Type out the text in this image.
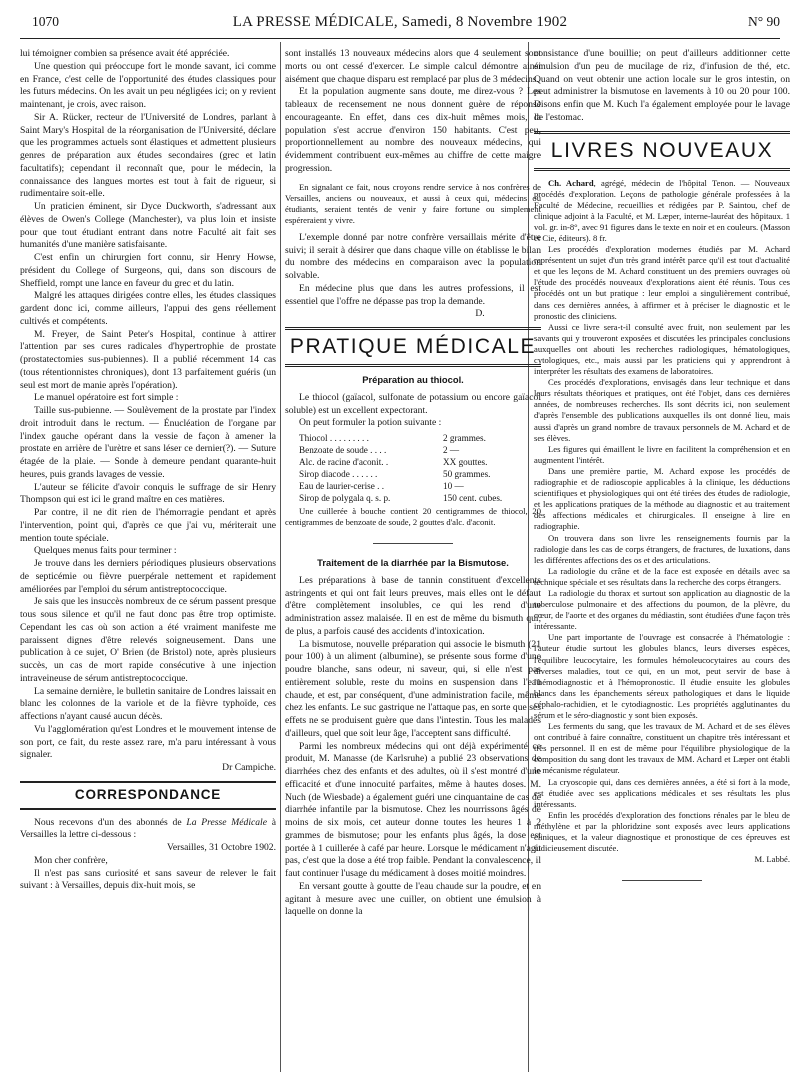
1070	LA PRESSE MÉDICALE, Samedi, 8 Novembre 1902	N° 90

lui témoigner combien sa présence avait été appréciée.

Une question qui préoccupe fort le monde savant, ici comme en France, c'est celle de l'opportunité des études classiques pour les futurs médecins. On les avait un peu négligées ici; on y revient maintenant, je crois, avec raison.

Sir A. Rücker, recteur de l'Université de Londres, parlant à Saint Mary's Hospital de la réorganisation de l'Université, déclare que les programmes actuels sont élastiques et admettent plusieurs genres de préparation aux études secondaires (grec et latin facultatifs); cependant il reconnaît que, pour le médecin, la connaissance des langues mortes est tout à fait de rigueur, si rudimentaire soit-elle.

Un praticien éminent, sir Dyce Duckworth, s'adressant aux élèves de Owen's College (Manchester), va plus loin et insiste pour que tout étudiant entrant dans notre Faculté ait fait ses humanités d'une manière satisfaisante.

C'est enfin un chirurgien fort connu, sir Henry Howse, président du College of Surgeons, qui, dans son discours de Sheffield, rompt une lance en faveur du grec et du latin.

Malgré les attaques dirigées contre elles, les études classiques gardent donc ici, comme ailleurs, l'appui des gens réellement cultivés et compétents.

M. Freyer, de Saint Peter's Hospital, continue à attirer l'attention par ses cures radicales d'hypertrophie de prostate (prostatectomies sus-pubiennes). Il a publié récemment 14 cas (tous rétentionnistes chroniques), dont 13 parfaitement guéris (un seul est mort de manie après l'opération).

Le manuel opératoire est fort simple :

Taille sus-pubienne. — Soulèvement de la prostate par l'index droit introduit dans le rectum. — Énucléation de l'organe par l'index gauche opérant dans la vessie de façon à amener la prostate en arrière de l'urètre et sans léser ce dernier(?). — Suture étagée de la plaie. — Sonde à demeure pendant quarante-huit heures, puis grands lavages de vessie.

L'auteur se félicite d'avoir conquis le suffrage de sir Henry Thompson qui est ici le grand maître en ces matières.

Par contre, il ne dit rien de l'hémorragie pendant et après l'intervention, point qui, d'après ce que j'ai vu, mériterait une mention toute spéciale.

Quelques menus faits pour terminer :

Je trouve dans les derniers périodiques plusieurs observations de septicémie ou fièvre puerpérale nettement et rapidement améliorées par l'emploi du sérum antistreptococcique.

Je sais que les insuccès nombreux de ce sérum passent presque tous sous silence et qu'il ne faut donc pas être trop optimiste. Cependant les cas où son action a été vraiment manifeste me paraissent dignes d'être relevés soigneusement. Dans une publication à ce sujet, O' Brien (de Bristol) note, après plusieurs succès, un cas de mort rapide consécutive à une injection intraveineuse de sérum antistreptococcique.

La semaine dernière, le bulletin sanitaire de Londres laissait en blanc les colonnes de la variole et de la fièvre typhoïde, ces affections n'ayant causé aucun décès.

Vu l'agglomération qu'est Londres et le mouvement intense de son port, ce fait, du reste assez rare, m'a paru intéressant à vous signaler.

Dr Campiche.

CORRESPONDANCE

Nous recevons d'un des abonnés de La Presse Médicale à Versailles la lettre ci-dessous :

Versailles, 31 Octobre 1902.

Mon cher confrère,

Il n'est pas sans curiosité et sans saveur de relever le fait suivant : à Versailles, depuis dix-huit mois, se

sont installés 13 nouveaux médecins alors que 4 seulement sont morts ou ont cessé d'exercer. Le simple calcul démontre ainsi aisément que chaque disparu est remplacé par plus de 3 médecins.

Et la population augmente sans doute, me direz-vous ? Les tableaux de recensement ne nous donnent guère de réponse encourageante. En effet, dans ces dix-huit mêmes mois, la population s'est accrue d'environ 150 habitants. C'est peu, proportionnellement au nombre des nouveaux médecins, qui évidemment contribuent eux-mêmes au chiffre de cette maigre progression.

En signalant ce fait, nous croyons rendre service à nos confrères de Versailles, anciens ou nouveaux, et aussi à ceux qui, médecins ou étudiants, seraient tentés de venir y faire fortune ou simplement espéreraient y vivre.

L'exemple donné par notre confrère versaillais mérite d'être suivi; il serait à désirer que dans chaque ville on établisse le bilan du nombre des médecins en comparaison avec la population solvable.

En médecine plus que dans les autres professions, il est essentiel que l'offre ne dépasse pas trop la demande.

D.

PRATIQUE MÉDICALE
Préparation au thiocol.

Le thiocol (gaïacol, sulfonate de potassium ou encore gaïacol soluble) est un excellent expectorant.

On peut formuler la potion suivante :

Thiocol . . . . . . . . .	2 grammes.
Benzoate de soude . . . .	2 —
Alc. de racine d'aconit. .	XX gouttes.
Sirop diacode . . . . . .	50 grammes.
Eau de laurier-cerise . .	10 —
Sirop de polygala q. s. p.	150 cent. cubes.

Une cuillerée à bouche contient 20 centigrammes de thiocol, 20 centigrammes de benzoate de soude, 2 gouttes d'alc. d'aconit.

Traitement de la diarrhée par la Bismutose.

Les préparations à base de tannin constituent d'excellents astringents et qui ont fait leurs preuves, mais elles ont le défaut d'être complètement insolubles, ce qui les rend d'une administration assez malaisée. Il en est de même du bismuth qui, de plus, a parfois causé des accidents d'intoxication.

La bismutose, nouvelle préparation qui associe le bismuth (21 pour 100) à un aliment (albumine), se présente sous forme d'une poudre blanche, sans odeur, ni saveur, qui, si elle n'est pas entièrement soluble, reste du moins en suspension dans l'eau chaude, et est, par conséquent, d'une administration facile, même chez les enfants. Le suc gastrique ne l'attaque pas, en sorte que ses effets ne se produisent guère que dans l'intestin. Tous les malades d'ailleurs, quel que soit leur âge, l'acceptent sans difficulté.

Parmi les nombreux médecins qui ont déjà expérimenté ce produit, M. Manasse (de Karlsruhe) a publié 23 observations de diarrhées chez des enfants et des adultes, où il s'est montré d'une efficacité et d'une innocuité parfaites, même à hautes doses. M. Nuch (de Wiesbade) a également guéri une cinquantaine de cas de diarrhée infantile par la bismutose. Chez les nourrissons âgés de moins de six mois, cet auteur donne toutes les heures 1 à 2 grammes de bismutose; pour les enfants plus âgés, la dose est portée à 1 cuillerée à café par heure. Lorsque le médicament n'agit pas, c'est que la dose a été trop faible. Pendant la convalescence, il faut continuer l'usage du médicament à doses moitié moindres.

En versant goutte à goutte de l'eau chaude sur la poudre, et en agitant à mesure avec une cuiller, on obtient une émulsion à laquelle on donne la

consistance d'une bouillie; on peut d'ailleurs additionner cette émulsion d'un peu de mucilage de riz, d'infusion de thé, etc. Quand on veut obtenir une action locale sur le gros intestin, on peut administrer la bismutose en lavements à 10 ou 20 pour 100. Disons enfin que M. Kuch l'a également employée pour le lavage de l'estomac.

LIVRES NOUVEAUX

Ch. Achard, agrégé, médecin de l'hôpital Tenon. — Nouveaux procédés d'exploration. Leçons de pathologie générale professées à la Faculté de Médecine, recueillies et rédigées par P. Saintou, chef de clinique adjoint à la Faculté, et M. Læper, interne-lauréat des hôpitaux. 1 vol. gr. in-8°, avec 91 figures dans le texte en noir et en couleurs. (Masson et Cie, éditeurs). 8 fr.

Les procédés d'exploration modernes étudiés par M. Achard représentent un sujet d'un très grand intérêt parce qu'il est tout d'actualité et que les leçons de M. Achard constituent un des premiers ouvrages où l'étude des procédés nouveaux d'explorations aient été réunis. Tous ces procédés ont un but pratique : leur emploi a singulièrement contribué, dans ces dernières années, à affirmer et à préciser le diagnostic et le pronostic des cliniciens.

Aussi ce livre sera-t-il consulté avec fruit, non seulement par les savants qui y trouveront exposées et discutées les principales conclusions auxquelles ont abouti les recherches radiologiques, hématologiques, cytologiques, etc., mais aussi par les praticiens qui y apprendront à interpréter les résultats des examens de laboratoires.

Ces procédés d'explorations, envisagés dans leur technique et dans leurs résultats théoriques et pratiques, ont été l'objet, dans ces dernières années, de nombreuses recherches. Ils sont décrits ici, non seulement d'après l'ensemble des publications auxquelles ils ont donné lieu, mais aussi d'après un grand nombre de travaux personnels de M. Achard et de ses élèves.

Les figures qui émaillent le livre en facilitent la compréhension et en augmentent l'intérêt.

Dans une première partie, M. Achard expose les procédés de radiographie et de radioscopie applicables à la clinique, les déductions scientifiques et physiologiques qui ont été tirées des études de radiologie, et les applications pratiques de la méthode au diagnostic et au traitement des affections médicales et chirurgicales. Il enseigne à lire en radiographie.

On trouvera dans son livre les renseignements fournis par la radiologie dans les cas de corps étrangers, de fractures, de luxations, dans les différentes affections des os et des articulations.

La radiologie du crâne et de la face est exposée en détails avec sa technique spéciale et ses résultats dans la recherche des corps étrangers.

La radiologie du thorax et surtout son application au diagnostic de la tuberculose pulmonaire et des affections du poumon, de la plèvre, du cœur, de l'aorte et des organes du médiastin, sont étudiées d'une façon très intéressante.

Une part importante de l'ouvrage est consacrée à l'hématologie : l'auteur étudie surtout les globules blancs, leurs diverses espèces, l'équilibre leucocytaire, les formules hémoleucocytaires au cours des diverses maladies, tout ce qui, en un mot, peut servir de base à l'hémodiagnostic et à l'hémopronostic. Il étudie ensuite les globules blancs dans les épanchements séreux pathologiques et dans le liquide céphalo-rachidien, et le cytodiagnostic. Les propriétés agglutinantes du sérum et le séro-diagnostic y sont bien exposés.

Les ferments du sang, que les travaux de M. Achard et de ses élèves ont contribué à faire connaître, constituent un chapitre très intéressant et très personnel. Il en est de même pour l'équilibre physiologique de la composition du sang dont les travaux de MM. Achard et Læper ont établi le mécanisme régulateur.

La cryoscopie qui, dans ces dernières années, a été si fort à la mode, est étudiée avec ses applications médicales et ses résultats les plus intéressants.

Enfin les procédés d'exploration des fonctions rénales par le bleu de méthylène et par la phloridzine sont exposés avec leurs applications cliniques, et la valeur diagnostique et pronostique de ces épreuves est judicieusement discutée.

M. Labbé.
